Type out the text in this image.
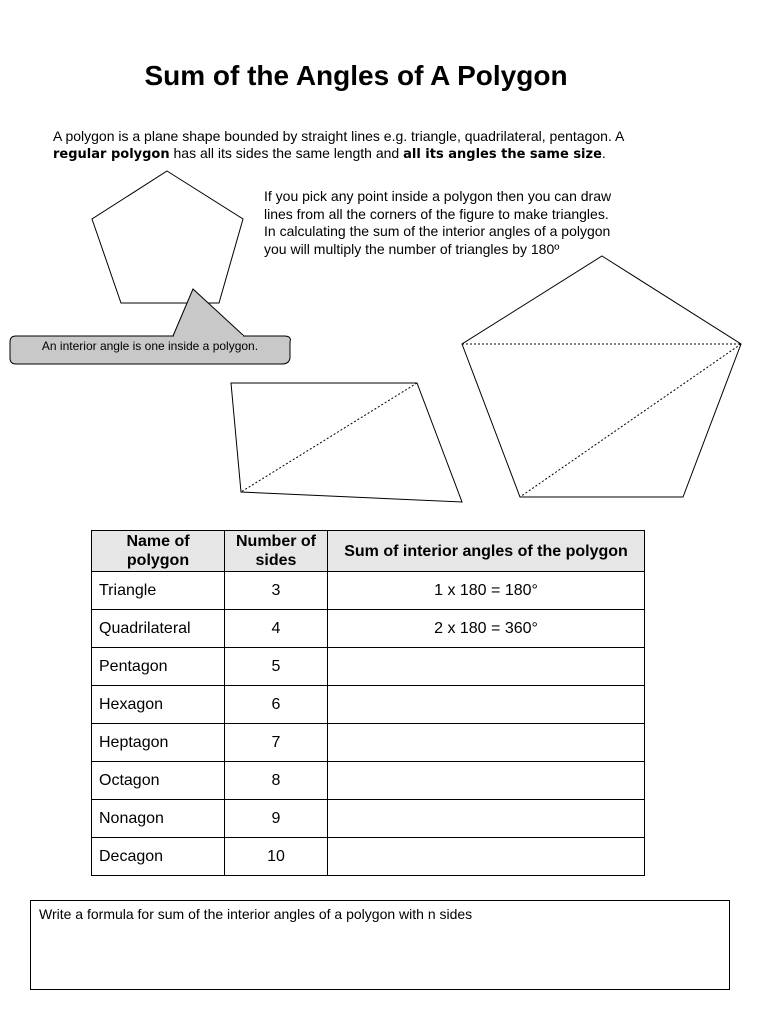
Sum of the Angles of A Polygon
A polygon is a plane shape bounded by straight lines e.g. triangle, quadrilateral, pentagon. A
regular polygon has all its sides the same length and all its angles the same size.
If you pick any point inside a polygon then you can draw
lines from all the corners of the figure to make triangles.
In calculating the sum of the interior angles of a polygon
you will multiply the number of triangles by 180º
An interior angle is one inside a polygon.
Name of polygon	Number of sides	Sum of interior angles of the polygon
Triangle	3	1 x 180 = 180°
Quadrilateral	4	2 x 180 = 360°
Pentagon	5	
Hexagon	6	
Heptagon	7	
Octagon	8	
Nonagon	9	
Decagon	10	
Write a formula for sum of the interior angles of a polygon with n sides
